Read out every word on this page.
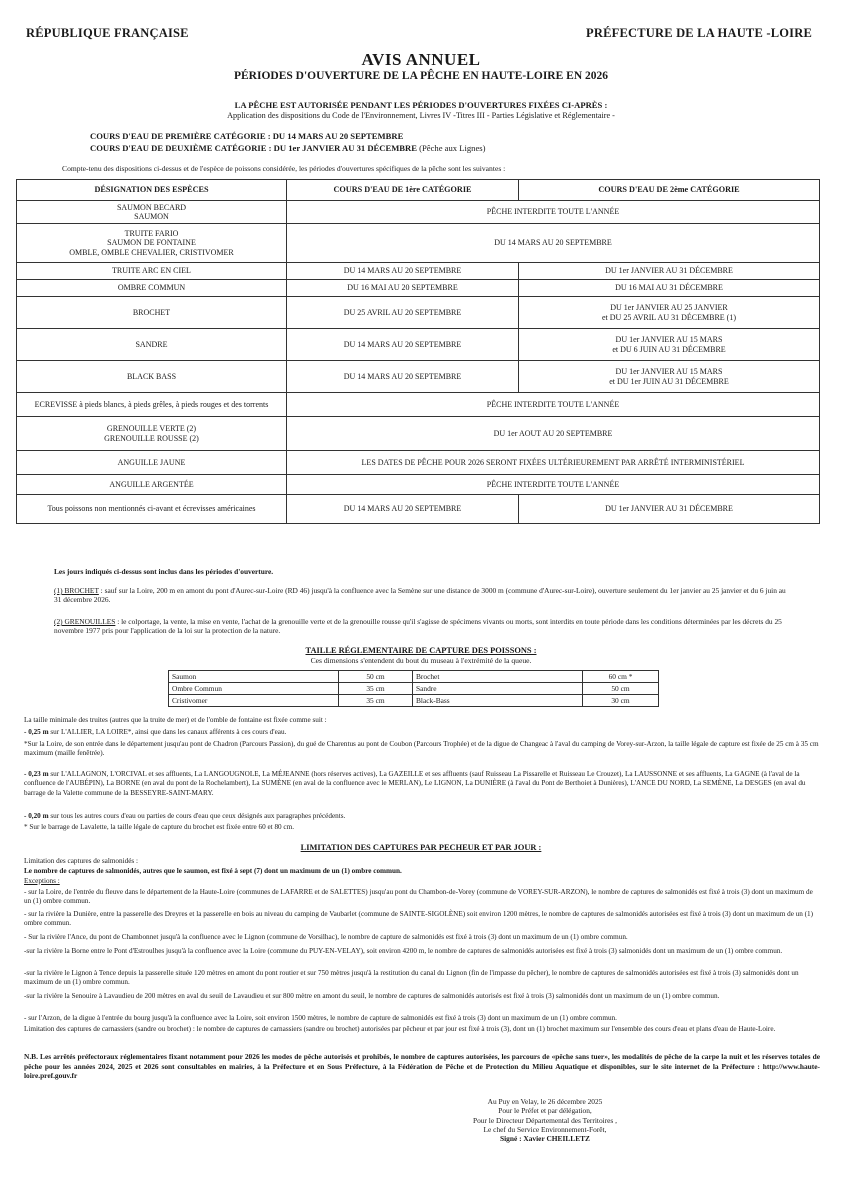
RÉPUBLIQUE FRANÇAISE	PRÉFECTURE DE LA HAUTE -LOIRE
AVIS ANNUEL
PÉRIODES D'OUVERTURE DE LA PÊCHE EN HAUTE-LOIRE EN 2026
LA PÊCHE EST AUTORISÉE PENDANT LES PÉRIODES D'OUVERTURES FIXÉES CI-APRÈS :
Application des dispositions du Code de l'Environnement, Livres IV -Titres III - Parties Législative et Réglementaire -
COURS D'EAU DE PREMIÈRE CATÉGORIE : DU 14 MARS AU 20 SEPTEMBRE
COURS D'EAU DE DEUXIÈME CATÉGORIE : DU 1er JANVIER AU 31 DÉCEMBRE (Pêche aux Lignes)
Compte-tenu des dispositions ci-dessus et de l'espèce de poissons considérée, les périodes d'ouvertures spécifiques de la pêche sont les suivantes :
DÉSIGNATION DES ESPÈCES	COURS D'EAU DE 1ère CATÉGORIE	COURS D'EAU DE 2ème CATÉGORIE
SAUMON BECARD
SAUMON	PÊCHE INTERDITE TOUTE L'ANNÉE	
TRUITE FARIO
SAUMON DE FONTAINE
OMBLE, OMBLE CHEVALIER, CRISTIVOMER	DU 14 MARS AU 20 SEPTEMBRE	
TRUITE ARC EN CIEL	DU 14 MARS AU 20 SEPTEMBRE	DU 1er JANVIER AU 31 DÉCEMBRE
OMBRE COMMUN	DU 16 MAI AU 20 SEPTEMBRE	DU 16 MAI AU 31 DÉCEMBRE
BROCHET	DU 25 AVRIL AU 20 SEPTEMBRE	DU 1er JANVIER AU 25 JANVIER
et DU 25 AVRIL AU 31 DÉCEMBRE (1)
SANDRE	DU 14 MARS AU 20 SEPTEMBRE	DU 1er JANVIER AU 15 MARS
et DU 6 JUIN AU 31 DÉCEMBRE
BLACK BASS	DU 14 MARS AU 20 SEPTEMBRE	DU 1er JANVIER AU 15 MARS
et DU 1er JUIN AU 31 DÉCEMBRE
ECREVISSE à pieds blancs, à pieds grêles, à pieds rouges et des torrents	PÊCHE INTERDITE TOUTE L'ANNÉE	
GRENOUILLE VERTE (2)
GRENOUILLE ROUSSE (2)	DU 1er AOUT AU 20 SEPTEMBRE	
ANGUILLE JAUNE	LES DATES DE PÊCHE POUR 2026 SERONT FIXÉES ULTÉRIEUREMENT PAR ARRÊTÉ INTERMINISTÉRIEL	
ANGUILLE ARGENTÉE	PÊCHE INTERDITE TOUTE L'ANNÉE	
Tous poissons non mentionnés ci-avant et écrevisses américaines	DU 14 MARS AU 20 SEPTEMBRE	DU 1er JANVIER AU 31 DÉCEMBRE
Les jours indiqués ci-dessus sont inclus dans les périodes d'ouverture.
(1) BROCHET : sauf sur la Loire, 200 m en amont du pont d'Aurec-sur-Loire (RD 46) jusqu'à la confluence avec la Semène sur une distance de 3000 m (commune d'Aurec-sur-Loire), ouverture seulement du 1er janvier au 25 janvier et du 6 juin au 31 décembre 2026.
(2) GRENOUILLES : le colportage, la vente, la mise en vente, l'achat de la grenouille verte et de la grenouille rousse qu'il s'agisse de spécimens vivants ou morts, sont interdits en toute période dans les conditions déterminées par les décrets du 25 novembre 1977 pris pour l'application de la loi sur la protection de la nature.
TAILLE RÉGLEMENTAIRE DE CAPTURE DES POISSONS :
Ces dimensions s'entendent du bout du museau à l'extrémité de la queue.
Saumon	50 cm	Brochet	60 cm *
Ombre Commun	35 cm	Sandre	50 cm
Cristivomer	35 cm	Black-Bass	30 cm
La taille minimale des truites (autres que la truite de mer) et de l'omble de fontaine est fixée comme suit :
- 0,25 m sur L'ALLIER, LA LOIRE*, ainsi que dans les canaux afférents à ces cours d'eau.
*Sur la Loire, de son entrée dans le département jusqu'au pont de Chadron (Parcours Passion), du gué de Charentus au pont de Coubon (Parcours Trophée) et de la digue de Changeac à l'aval du camping de Vorey-sur-Arzon, la taille légale de capture est fixée de 25 cm à 35 cm maximum (maille fenêtrée).
- 0,23 m sur L'ALLAGNON, L'ORCIVAL et ses affluents, La LANGOUGNOLE, La MÉJEANNE (hors réserves actives), La GAZEILLE et ses affluents (sauf Ruisseau La Pissarelle et Ruisseau Le Crouzet), La LAUSSONNE et ses affluents, La GAGNE (à l'aval de la confluence de l'AUBÉPIN), La BORNE (en aval du pont de la Rochelambert), La SUMÈNE (en aval de la confluence avec le MERLAN), Le LIGNON, La DUNIÈRE (à l'aval du Pont de Berthoiet à Dunières), L'ANCE DU NORD, La SEMÈNE, La DESGES (en aval du barrage de la Valette commune de la BESSEYRE-SAINT-MARY.
- 0,20 m sur tous les autres cours d'eau ou parties de cours d'eau que ceux désignés aux paragraphes précédents.
* Sur le barrage de Lavalette, la taille légale de capture du brochet est fixée entre 60 et 80 cm.
LIMITATION DES CAPTURES PAR PECHEUR ET PAR JOUR :
Limitation des captures de salmonidés :
Le nombre de captures de salmonidés, autres que le saumon, est fixé à sept (7) dont un maximum de un (1) ombre commun.
Exceptions :
- sur la Loire, de l'entrée du fleuve dans le département de la Haute-Loire (communes de LAFARRE et de SALETTES) jusqu'au pont du Chambon-de-Vorey (commune de VOREY-SUR-ARZON), le nombre de captures de salmonidés est fixé à trois (3) dont un maximum de un (1) ombre commun.
- sur la rivière la Dunière, entre la passerelle des Dreyres et la passerelle en bois au niveau du camping de Vaubarlet (commune de SAINTE-SIGOLÈNE) soit environ 1200 mètres, le nombre de captures de salmonidés autorisées est fixé à trois (3) dont un maximum de un (1) ombre commun.
- Sur la rivière l'Ance, du pont de Chambonnet jusqu'à la confluence avec le Lignon (commune de Vorsilhac), le nombre de capture de salmonidés est fixé à trois (3) dont un maximum de un (1) ombre commun.
-sur la rivière la Borne entre le Pont d'Estroulhes jusqu'à la confluence avec la Loire (commune du PUY-EN-VELAY), soit environ 4200 m, le nombre de captures de salmonidés autorisées est fixé à trois (3) salmonidés dont un maximum de un (1) ombre commun.
-sur la rivière le Lignon à Tence depuis la passerelle située 120 mètres en amont du pont routier et sur 750 mètres jusqu'à la restitution du canal du Lignon (fin de l'impasse du pêcher), le nombre de captures de salmonidés autorisées est fixé à trois (3) salmonidés dont un maximum de un (1) ombre commun.
-sur la rivière la Senouire à Lavaudieu de 200 mètres en aval du seuil de Lavaudieu et sur 800 mètre en amont du seuil, le nombre de captures de salmonidés autorisés est fixé à trois (3) salmonidés dont un maximum de un (1) ombre commun.
- sur l'Arzon, de la digue à l'entrée du bourg jusqu'à la confluence avec la Loire, soit environ 1500 mètres, le nombre de capture de salmonidés est fixé à trois (3) dont un maximum de un (1) ombre commun.
Limitation des captures de carnassiers (sandre ou brochet) : le nombre de captures de carnassiers (sandre ou brochet) autorisées par pêcheur et par jour est fixé à trois (3), dont un (1) brochet maximum sur l'ensemble des cours d'eau et plans d'eau de Haute-Loire.
N.B. Les arrêtés préfectoraux réglementaires fixant notamment pour 2026 les modes de pêche autorisés et prohibés, le nombre de captures autorisées, les parcours de «pêche sans tuer», les modalités de pêche de la carpe la nuit et les réserves totales de pêche pour les années 2024, 2025 et 2026 sont consultables en mairies, à la Préfecture et en Sous Préfecture, à la Fédération de Pêche et de Protection du Milieu Aquatique et disponibles, sur le site internet de la Préfecture : http://www.haute-loire.pref.gouv.fr
Au Puy en Velay, le 26 décembre 2025
Pour le Préfet et par délégation,
Pour le Directeur Départemental des Territoires ,
Le chef du Service Environnement-Forêt,
Signé : Xavier CHEILLETZ
